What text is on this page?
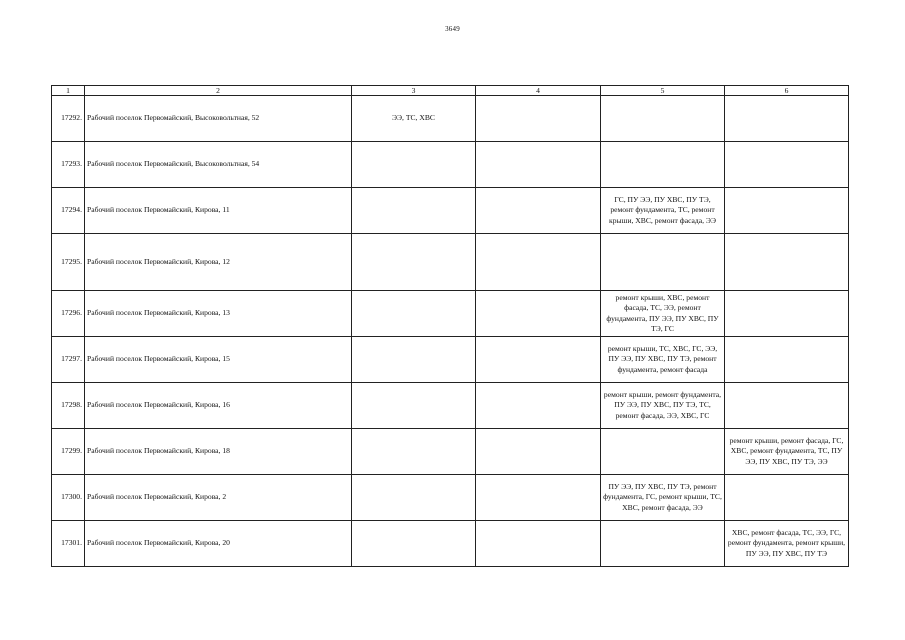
3649
1	2	3	4	5	6
17292.	Рабочий поселок Первомайский, Высоковольтная, 52	ЭЭ, ТС, ХВС			
17293.	Рабочий поселок Первомайский, Высоковольтная, 54				
17294.	Рабочий поселок Первомайский, Кирова, 11			ГС, ПУ ЭЭ, ПУ ХВС, ПУ ТЭ, ремонт фундамента, ТС, ремонт крыши, ХВС, ремонт фасада, ЭЭ	
17295.	Рабочий поселок Первомайский, Кирова, 12				
17296.	Рабочий поселок Первомайский, Кирова, 13			ремонт крыши, ХВС, ремонт фасада, ТС, ЭЭ, ремонт фундамента, ПУ ЭЭ, ПУ ХВС, ПУ ТЭ, ГС	
17297.	Рабочий поселок Первомайский, Кирова, 15			ремонт крыши, ТС, ХВС, ГС, ЭЭ, ПУ ЭЭ, ПУ ХВС, ПУ ТЭ, ремонт фундамента, ремонт фасада	
17298.	Рабочий поселок Первомайский, Кирова, 16			ремонт крыши, ремонт фундамента, ПУ ЭЭ, ПУ ХВС, ПУ ТЭ, ТС, ремонт фасада, ЭЭ, ХВС, ГС	
17299.	Рабочий поселок Первомайский, Кирова, 18				ремонт крыши, ремонт фасада, ГС, ХВС, ремонт фундамента, ТС, ПУ ЭЭ, ПУ ХВС, ПУ ТЭ, ЭЭ
17300.	Рабочий поселок Первомайский, Кирова, 2			ПУ ЭЭ, ПУ ХВС, ПУ ТЭ, ремонт фундамента, ГС, ремонт крыши, ТС, ХВС, ремонт фасада, ЭЭ	
17301.	Рабочий поселок Первомайский, Кирова, 20				ХВС, ремонт фасада, ТС, ЭЭ, ГС, ремонт фундамента, ремонт крыши, ПУ ЭЭ, ПУ ХВС, ПУ ТЭ
